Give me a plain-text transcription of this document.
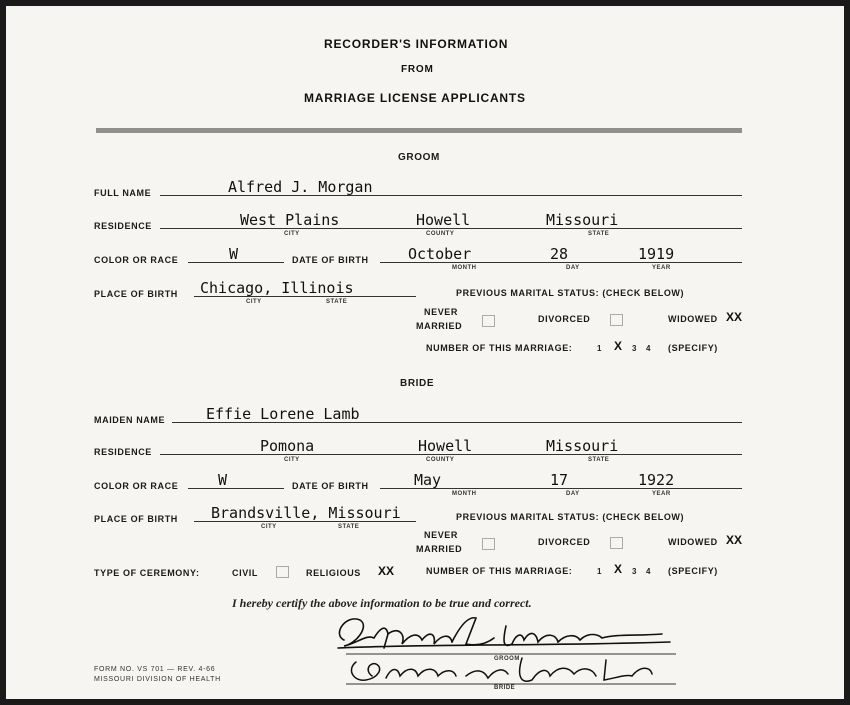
RECORDER'S INFORMATION
FROM
MARRIAGE LICENSE APPLICANTS
GROOM
FULL NAME	Alfred J. Morgan
RESIDENCE	West Plains	Howell	Missouri
CITY	COUNTY	STATE
COLOR OR RACE	W	DATE OF BIRTH	October	28	1919
MONTH	DAY	YEAR
PLACE OF BIRTH Chicago, Illinois
CITY	STATE
PREVIOUS MARITAL STATUS: (CHECK BELOW)
NEVER
MARRIED
DIVORCED	WIDOWED XX
NUMBER OF THIS MARRIAGE:	1 X 3 4 (SPECIFY)
BRIDE
MAIDEN NAME	Effie Lorene Lamb
RESIDENCE	Pomona	Howell	Missouri
CITY	COUNTY	STATE
COLOR OR RACE	W	DATE OF BIRTH	May	17	1922
MONTH	DAY	YEAR
PLACE OF BIRTH Brandsville, Missouri
CITY	STATE
PREVIOUS MARITAL STATUS: (CHECK BELOW)
NEVER
MARRIED
DIVORCED	WIDOWED XX
TYPE OF CEREMONY:	CIVIL	RELIGIOUS XX	NUMBER OF THIS MARRIAGE:	1 X 3 4 (SPECIFY)
I hereby certify the above information to be true and correct.
GROOM
BRIDE
FORM NO. VS 701 — REV. 4-66
MISSOURI DIVISION OF HEALTH
